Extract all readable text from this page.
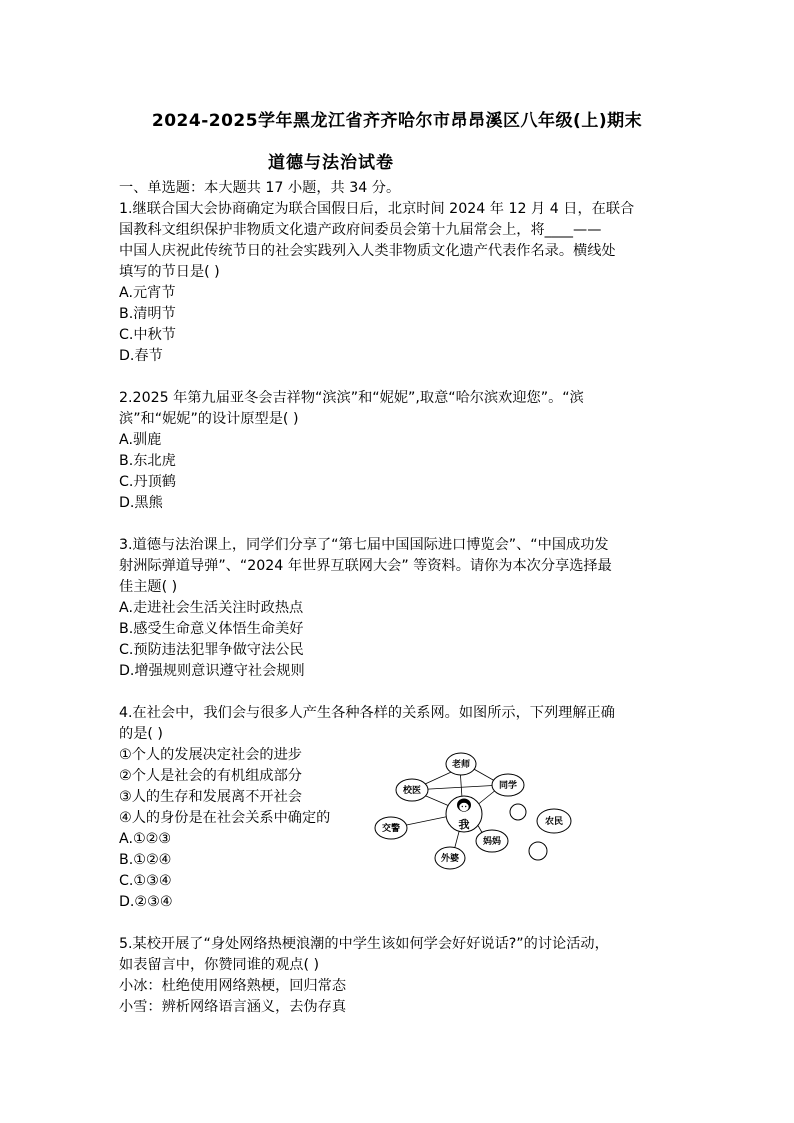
2024-2025学年黑龙江省齐齐哈尔市昂昂溪区八年级(上)期末
道德与法治试卷
一、单选题：本大题共 17 小题，共 34 分。
1.继联合国大会协商确定为联合国假日后，北京时间 2024 年 12 月 4 日，在联合
国教科文组织保护非物质文化遗产政府间委员会第十九届常会上，将____——
中国人庆祝此传统节日的社会实践列入人类非物质文化遗产代表作名录。横线处
填写的节日是( )
A.元宵节
B.清明节
C.中秋节
D.春节
2.2025 年第九届亚冬会吉祥物“滨滨”和“妮妮”,取意“哈尔滨欢迎您”。“滨
滨”和“妮妮”的设计原型是( )
A.驯鹿
B.东北虎
C.丹顶鹤
D.黑熊
3.道德与法治课上，同学们分享了“第七届中国国际进口博览会”、“中国成功发
射洲际弹道导弹”、“2024 年世界互联网大会” 等资料。请你为本次分享选择最
佳主题( )
A.走进社会生活关注时政热点
B.感受生命意义体悟生命美好
C.预防违法犯罪争做守法公民
D.增强规则意识遵守社会规则
4.在社会中，我们会与很多人产生各种各样的关系网。如图所示，下列理解正确
的是( )
①个人的发展决定社会的进步
②个人是社会的有机组成部分
③人的生存和发展离不开社会
④人的身份是在社会关系中确定的
A.①②③
B.①②④
C.①③④
D.②③④
5.某校开展了“身处网络热梗浪潮的中学生该如何学会好好说话?”的讨论活动，
如表留言中，你赞同谁的观点( )
小冰：杜绝使用网络熟梗，回归常态
小雪：辨析网络语言涵义，去伪存真
老师
同学
校医
我
交警
妈妈
外婆
农民
